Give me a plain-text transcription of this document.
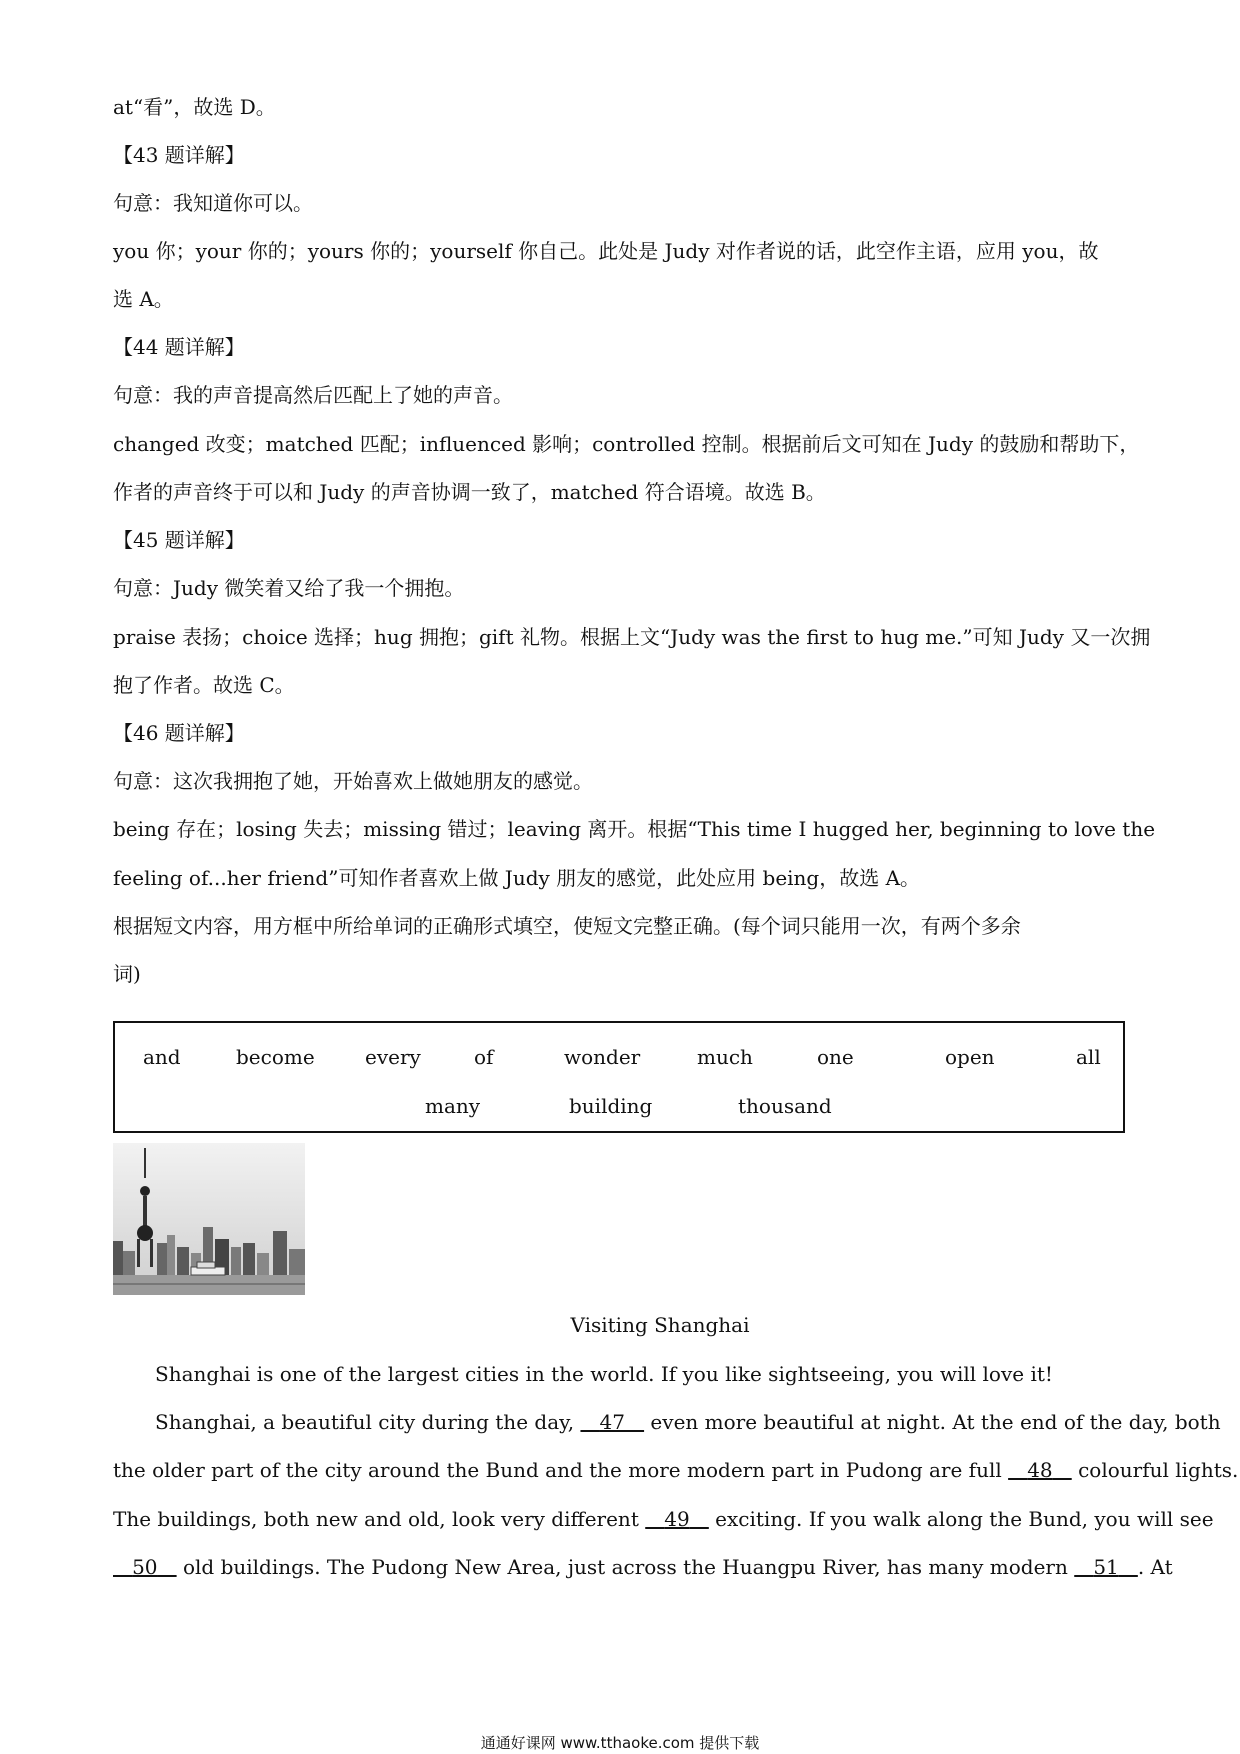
at“看”，故选 D。
【43 题详解】
句意：我知道你可以。
you 你；your 你的；yours 你的；yourself 你自己。此处是 Judy 对作者说的话，此空作主语，应用 you，故
选 A。
【44 题详解】
句意：我的声音提高然后匹配上了她的声音。
changed 改变；matched 匹配；influenced 影响；controlled 控制。根据前后文可知在 Judy 的鼓励和帮助下，
作者的声音终于可以和 Judy 的声音协调一致了，matched 符合语境。故选 B。
【45 题详解】
句意：Judy 微笑着又给了我一个拥抱。
praise 表扬；choice 选择；hug 拥抱；gift 礼物。根据上文“Judy was the first to hug me.”可知 Judy 又一次拥
抱了作者。故选 C。
【46 题详解】
句意：这次我拥抱了她，开始喜欢上做她朋友的感觉。
being 存在；losing 失去；missing 错过；leaving 离开。根据“This time I hugged her, beginning to love the
feeling of...her friend”可知作者喜欢上做 Judy 朋友的感觉，此处应用 being，故选 A。
根据短文内容，用方框中所给单词的正确形式填空，使短文完整正确。(每个词只能用一次，有两个多余
词)
and	become	every	of	wonder	much	one	open	all
many	building	thousand
Visiting Shanghai
Shanghai is one of the largest cities in the world. If you like sightseeing, you will love it!
Shanghai, a beautiful city during the day,    47    even more beautiful at night. At the end of the day, both
the older part of the city around the Bund and the more modern part in Pudong are full    48    colourful lights.
The buildings, both new and old, look very different    49    exciting. If you walk along the Bund, you will see
50    old buildings. The Pudong New Area, just across the Huangpu River, has many modern    51 . At
通通好课网 www.tthaoke.com 提供下载
